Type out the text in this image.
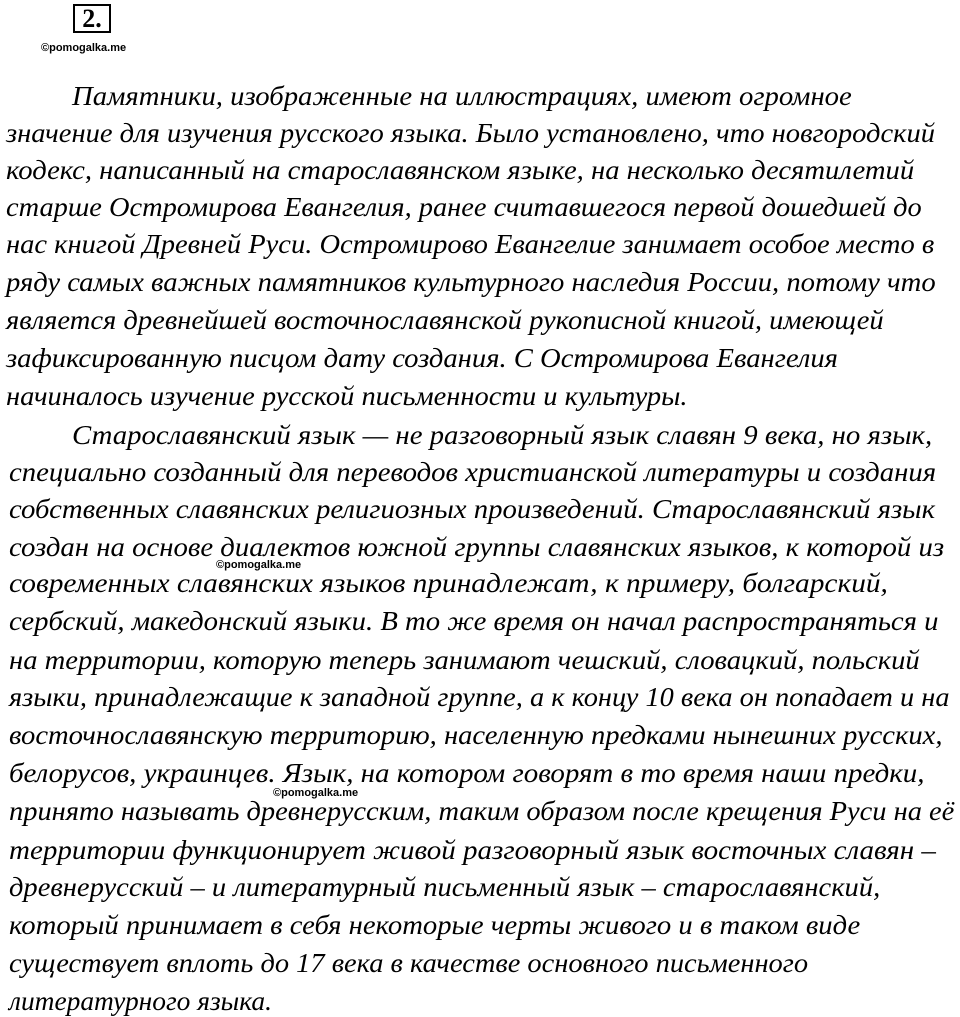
2.
©pomogalka.me
Памятники, изображенные на иллюстрациях, имеют огромное
значение для изучения русского языка. Было установлено, что новгородский
кодекс, написанный на старославянском языке, на несколько десятилетий
старше Остромирова Евангелия, ранее считавшегося первой дошедшей до
нас книгой Древней Руси. Остромирово Евангелие занимает особое место в
ряду самых важных памятников культурного наследия России, потому что
является древнейшей восточнославянской рукописной книгой, имеющей
зафиксированную писцом дату создания. С Остромирова Евангелия
начиналось изучение русской письменности и культуры.
Старославянский язык — не разговорный язык славян 9 века, но язык,
специально созданный для переводов христианской литературы и создания
собственных славянских религиозных произведений. Старославянский язык
создан на основе диалектов южной группы славянских языков, к которой из
современных славянских языков принадлежат, к примеру, болгарский,
сербский, македонский языки. В то же время он начал распространяться и
на территории, которую теперь занимают чешский, словацкий, польский
языки, принадлежащие к западной группе, а к концу 10 века он попадает и на
восточнославянскую территорию, населенную предками нынешних русских,
белорусов, украинцев. Язык, на котором говорят в то время наши предки,
принято называть древнерусским, таким образом после крещения Руси на её
территории функционирует живой разговорный язык восточных славян –
древнерусский – и литературный письменный язык – старославянский,
который принимает в себя некоторые черты живого и в таком виде
существует вплоть до 17 века в качестве основного письменного
литературного языка.
©pomogalka.me
©pomogalka.me
